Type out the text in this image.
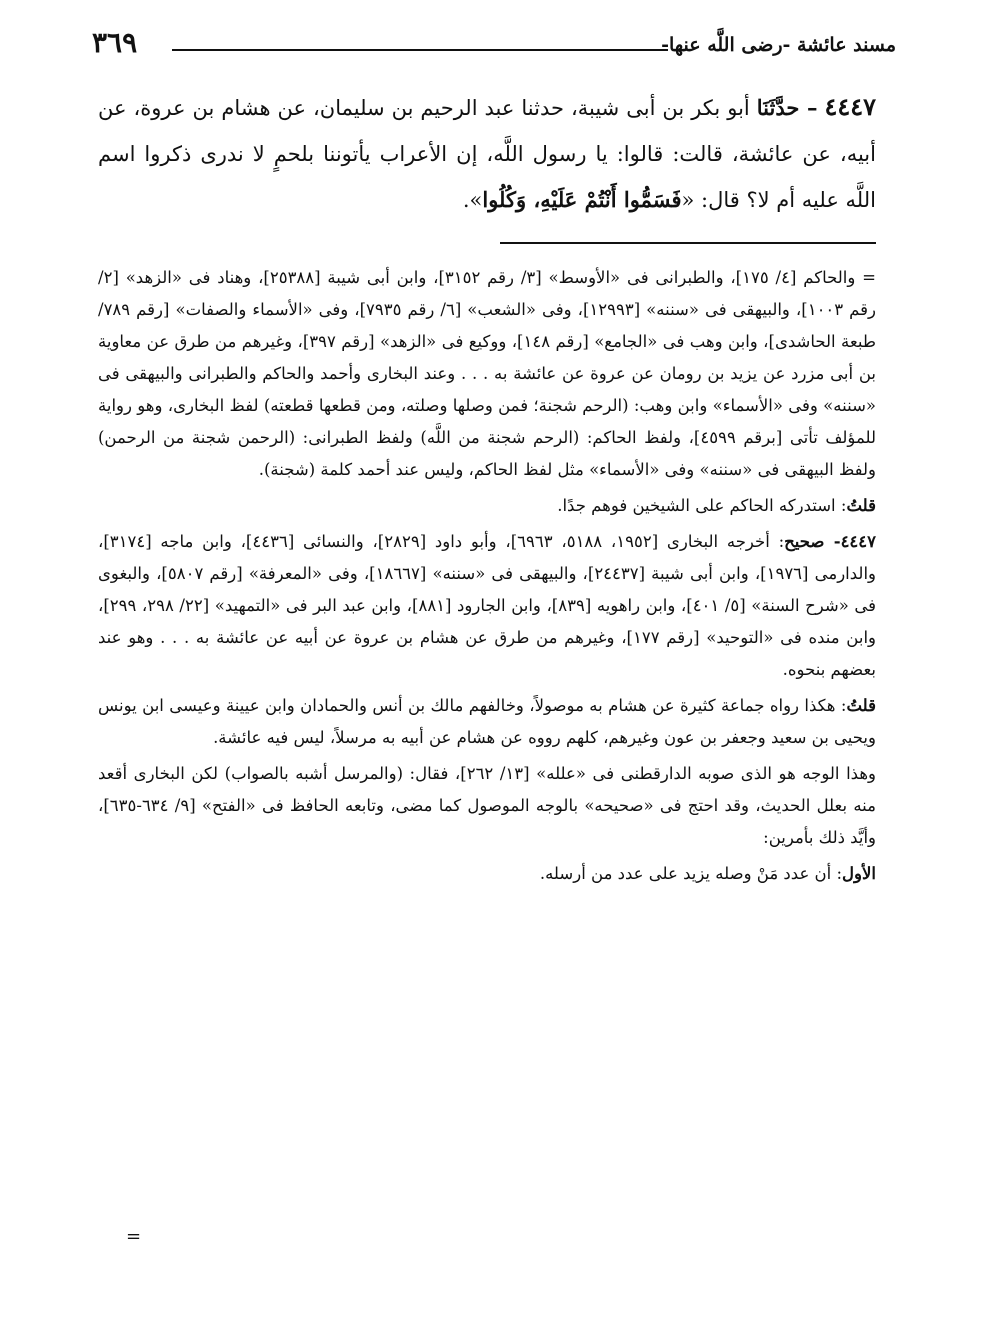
مسند عائشة -رضى اللَّه عنها-
٣٦٩
٤٤٤٧ – حدَّثَنَا أبو بكر بن أبى شيبة، حدثنا عبد الرحيم بن سليمان، عن هشام بن عروة، عن أبيه، عن عائشة، قالت: قالوا: يا رسول اللَّه، إن الأعراب يأتوننا بلحمٍ لا ندرى ذكروا اسم اللَّه عليه أم لا؟ قال: «فَسَمُّوا أَنْتُمْ عَلَيْهِ، وَكُلُوا».

= والحاكم [٤/ ١٧٥]، والطبرانى فى «الأوسط» [٣/ رقم ٣١٥٢]، وابن أبى شيبة [٢٥٣٨٨]، وهناد فى «الزهد» [٢/ رقم ١٠٠٣]، والبيهقى فى «سننه» [١٢٩٩٣]، وفى «الشعب» [٦/ رقم ٧٩٣٥]، وفى «الأسماء والصفات» [رقم ٧٨٩/ طبعة الحاشدى]، وابن وهب فى «الجامع» [رقم ١٤٨]، ووكيع فى «الزهد» [رقم ٣٩٧]، وغيرهم من طرق عن معاوية بن أبى مزرد عن يزيد بن رومان عن عروة عن عائشة به . . . وعند البخارى وأحمد والحاكم والطبرانى والبيهقى فى «سننه» وفى «الأسماء» وابن وهب: (الرحم شجنة؛ فمن وصلها وصلته، ومن قطعها قطعته) لفظ البخارى، وهو رواية للمؤلف تأتى [برقم ٤٥٩٩]، ولفظ الحاكم: (الرحم شجنة من اللَّه) ولفظ الطبرانى: (الرحمن شجنة من الرحمن) ولفظ البيهقى فى «سننه» وفى «الأسماء» مثل لفظ الحاكم، وليس عند أحمد كلمة (شجنة).

قلتُ: استدركه الحاكم على الشيخين فوهم جدًا.

٤٤٤٧- صحيح: أخرجه البخارى [١٩٥٢، ٥١٨٨، ٦٩٦٣]، وأبو داود [٢٨٢٩]، والنسائى [٤٤٣٦]، وابن ماجه [٣١٧٤]، والدارمى [١٩٧٦]، وابن أبى شيبة [٢٤٤٣٧]، والبيهقى فى «سننه» [١٨٦٦٧]، وفى «المعرفة» [رقم ٥٨٠٧]، والبغوى فى «شرح السنة» [٥/ ٤٠١]، وابن راهويه [٨٣٩]، وابن الجارود [٨٨١]، وابن عبد البر فى «التمهيد» [٢٢/ ٢٩٨، ٢٩٩]، وابن منده فى «التوحيد» [رقم ١٧٧]، وغيرهم من طرق عن هشام بن عروة عن أبيه عن عائشة به . . . وهو عند بعضهم بنحوه.

قلتُ: هكذا رواه جماعة كثيرة عن هشام به موصولاً، وخالفهم مالك بن أنس والحمادان وابن عيينة وعيسى ابن يونس ويحيى بن سعيد وجعفر بن عون وغيرهم، كلهم رووه عن هشام عن أبيه به مرسلاً، ليس فيه عائشة.

وهذا الوجه هو الذى صوبه الدارقطنى فى «علله» [١٣/ ٢٦٢]، فقال: (والمرسل أشبه بالصواب) لكن البخارى أقعد منه بعلل الحديث، وقد احتج فى «صحيحه» بالوجه الموصول كما مضى، وتابعه الحافظ فى «الفتح» [٩/ ٦٣٤-٦٣٥]، وأيَّد ذلك بأمرين:

الأول: أن عدد مَنْ وصله يزيد على عدد من أرسله.

=
